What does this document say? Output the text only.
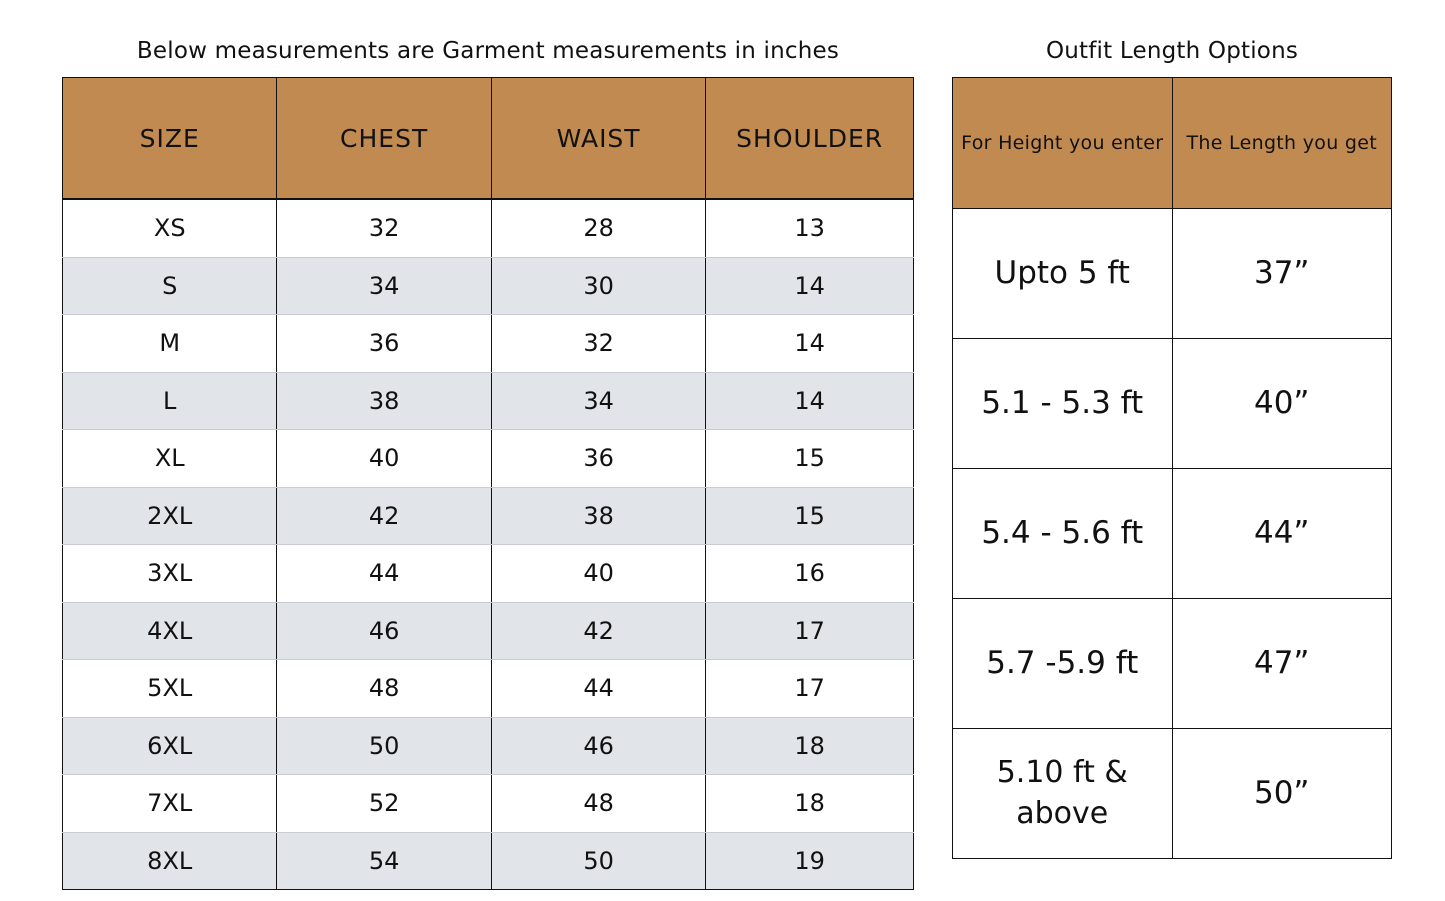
Below measurements are Garment measurements in inches
SIZE	CHEST	WAIST	SHOULDER
XS	32	28	13
S	34	30	14
M	36	32	14
L	38	34	14
XL	40	36	15
2XL	42	38	15
3XL	44	40	16
4XL	46	42	17
5XL	48	44	17
6XL	50	46	18
7XL	52	48	18
8XL	54	50	19
Outfit Length Options
For Height you enter	The Length you get
Upto 5 ft	37”
5.1 - 5.3 ft	40”
5.4 - 5.6 ft	44”
5.7 -5.9 ft	47”
5.10 ft & above	50”
